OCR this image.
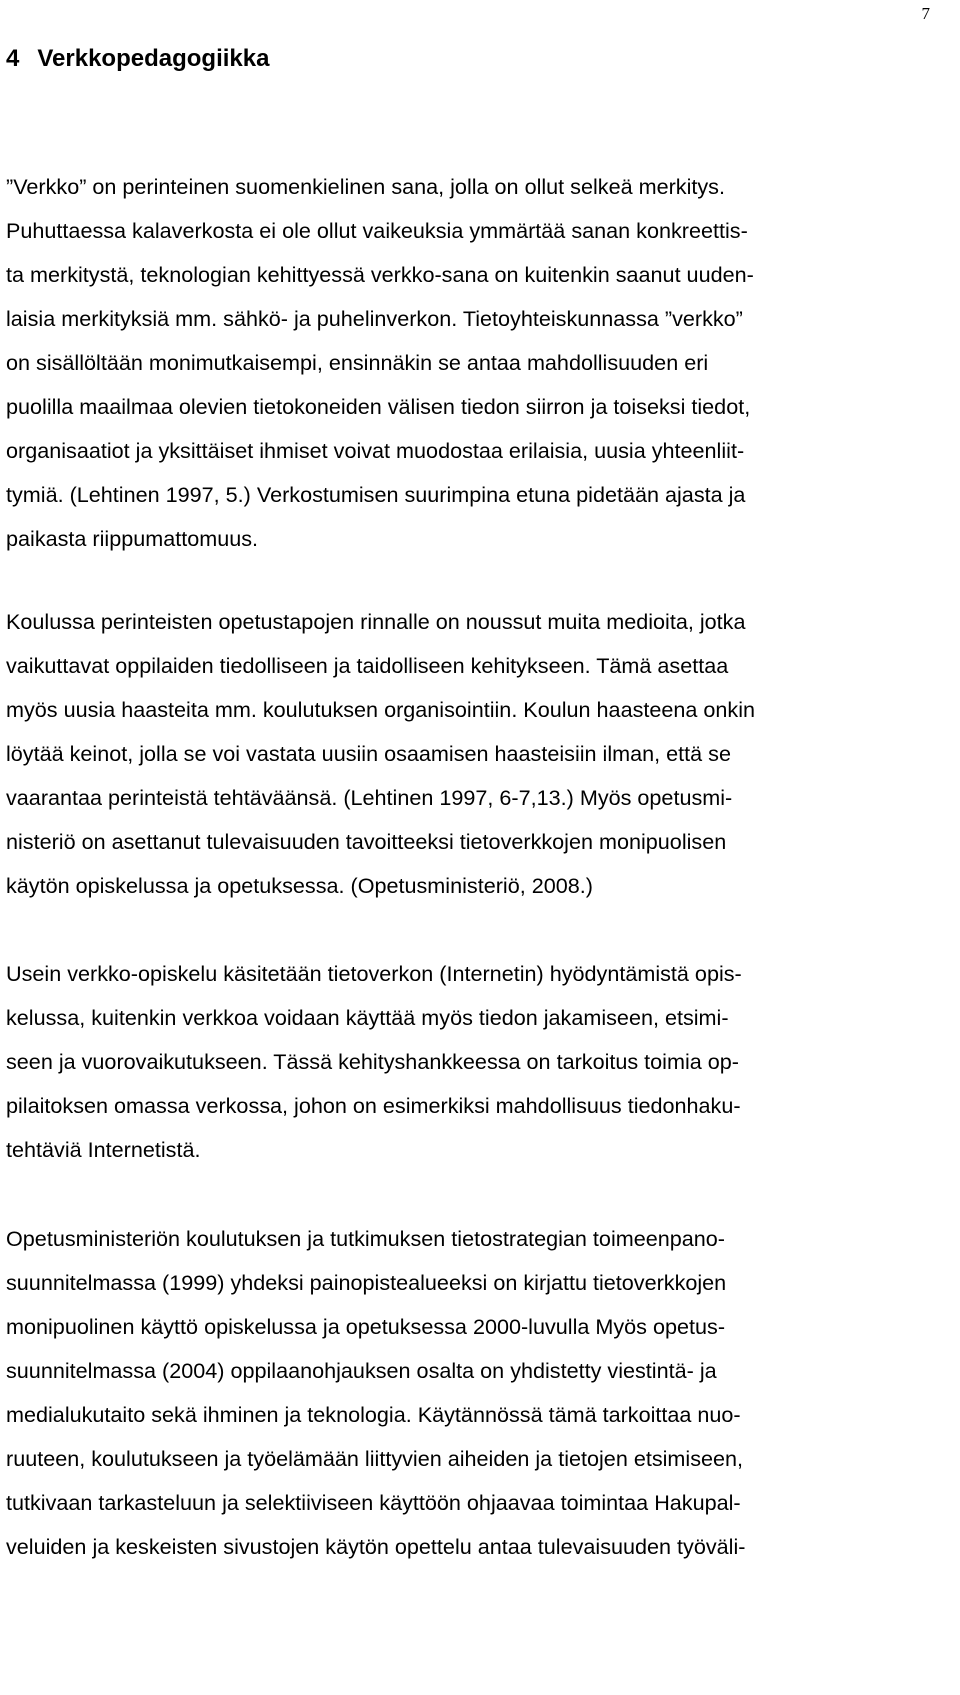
7
4 Verkkopedagogiikka
”Verkko” on perinteinen suomenkielinen sana, jolla on ollut selkeä merkitys.
Puhuttaessa kalaverkosta ei ole ollut vaikeuksia ymmärtää sanan konkreettis-
ta merkitystä, teknologian kehittyessä verkko-sana on kuitenkin saanut uuden-
laisia merkityksiä mm. sähkö- ja puhelinverkon. Tietoyhteiskunnassa ”verkko”
on sisällöltään monimutkaisempi, ensinnäkin se antaa mahdollisuuden eri
puolilla maailmaa olevien tietokoneiden välisen tiedon siirron ja toiseksi tiedot,
organisaatiot ja yksittäiset ihmiset voivat muodostaa erilaisia, uusia yhteenliit-
tymiä. (Lehtinen 1997, 5.) Verkostumisen suurimpina etuna pidetään ajasta ja
paikasta riippumattomuus.
Koulussa perinteisten opetustapojen rinnalle on noussut muita medioita, jotka
vaikuttavat oppilaiden tiedolliseen ja taidolliseen kehitykseen. Tämä asettaa
myös uusia haasteita mm. koulutuksen organisointiin. Koulun haasteena onkin
löytää keinot, jolla se voi vastata uusiin osaamisen haasteisiin ilman, että se
vaarantaa perinteistä tehtäväänsä. (Lehtinen 1997, 6-7,13.) Myös opetusmi-
nisteriö on asettanut tulevaisuuden tavoitteeksi tietoverkkojen monipuolisen
käytön opiskelussa ja opetuksessa. (Opetusministeriö, 2008.)
Usein verkko-opiskelu käsitetään tietoverkon (Internetin) hyödyntämistä opis-
kelussa, kuitenkin verkkoa voidaan käyttää myös tiedon jakamiseen, etsimi-
seen ja vuorovaikutukseen. Tässä kehityshankkeessa on tarkoitus toimia op-
pilaitoksen omassa verkossa, johon on esimerkiksi mahdollisuus tiedonhaku-
tehtäviä Internetistä.
Opetusministeriön koulutuksen ja tutkimuksen tietostrategian toimeenpano-
suunnitelmassa (1999) yhdeksi painopistealueeksi on kirjattu tietoverkkojen
monipuolinen käyttö opiskelussa ja opetuksessa 2000-luvulla Myös opetus-
suunnitelmassa (2004) oppilaanohjauksen osalta on yhdistetty viestintä- ja
medialukutaito sekä ihminen ja teknologia. Käytännössä tämä tarkoittaa nuo-
ruuteen, koulutukseen ja työelämään liittyvien aiheiden ja tietojen etsimiseen,
tutkivaan tarkasteluun ja selektiiviseen käyttöön ohjaavaa toimintaa Hakupal-
veluiden ja keskeisten sivustojen käytön opettelu antaa tulevaisuuden työväli-
